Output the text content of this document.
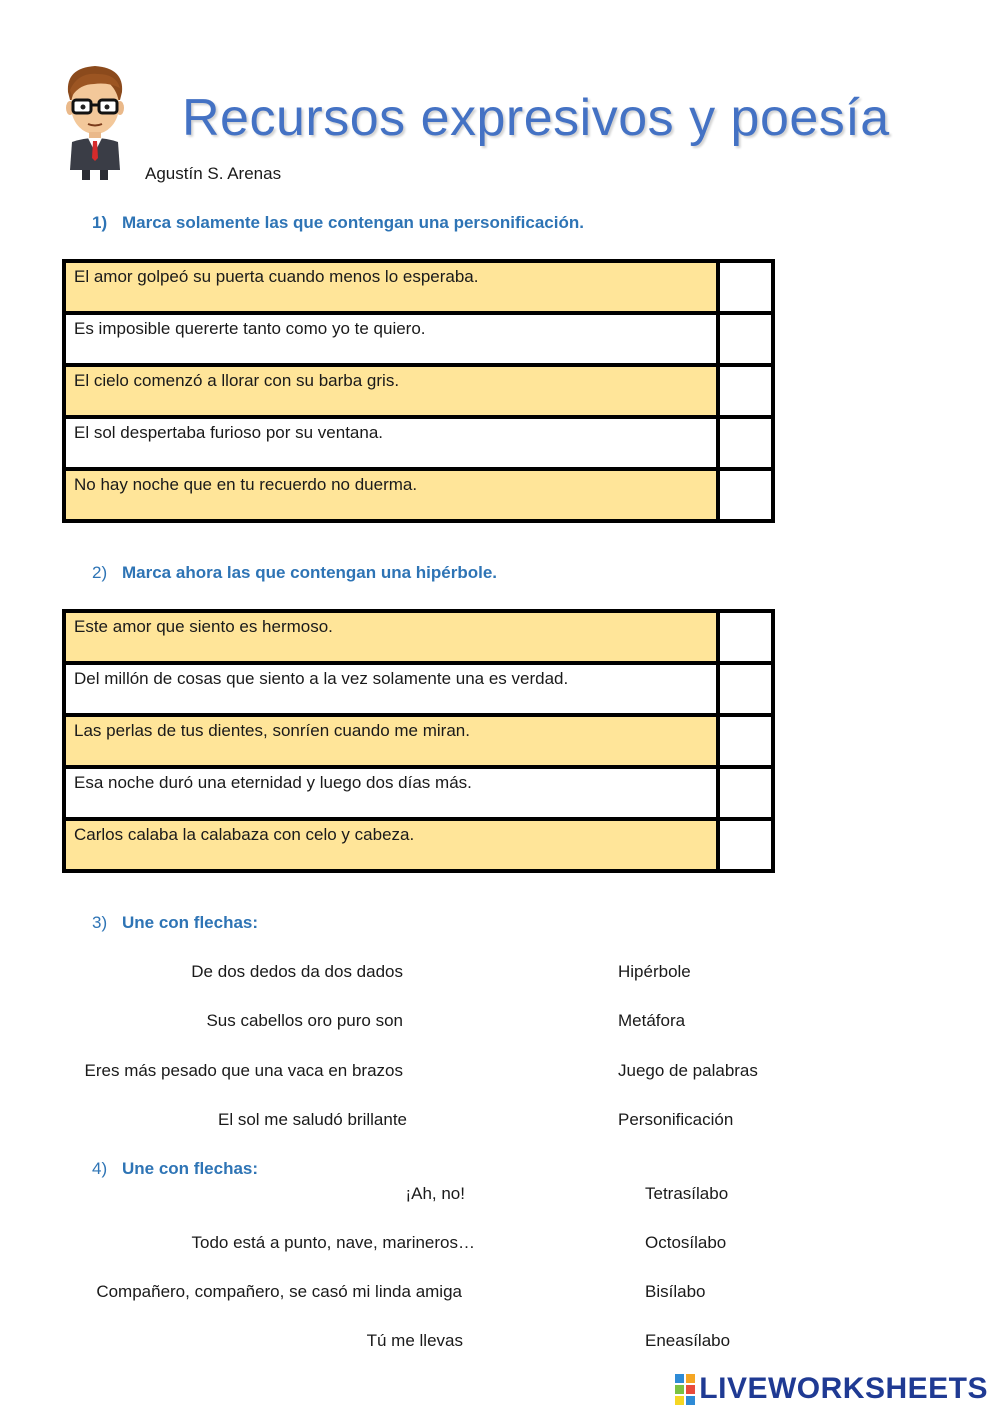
Recursos expresivos y poesía
Agustín S. Arenas
1) Marca solamente las que contengan una personificación.
El amor golpeó su puerta cuando menos lo esperaba.	
Es imposible quererte tanto como yo te quiero.	
El cielo comenzó a llorar con su barba gris.	
El sol despertaba furioso por su ventana.	
No hay noche que en tu recuerdo no duerma.	
2) Marca ahora las que contengan una hipérbole.
Este amor que siento es hermoso.	
Del millón de cosas que siento a la vez solamente una es verdad.	
Las perlas de tus dientes, sonríen cuando me miran.	
Esa noche duró una eternidad y luego dos días más.	
Carlos calaba la calabaza con celo y cabeza.	
3) Une con flechas:
De dos dedos da dos dados
Sus cabellos oro puro son
Eres más pesado que una vaca en brazos
El sol me saludó brillante
Hipérbole
Metáfora
Juego de palabras
Personificación
4) Une con flechas:
¡Ah, no!
Todo está a punto, nave, marineros…
Compañero, compañero, se casó mi linda amiga
Tú me llevas
Tetrasílabo
Octosílabo
Bisílabo
Eneasílabo
LIVEWORKSHEETS
